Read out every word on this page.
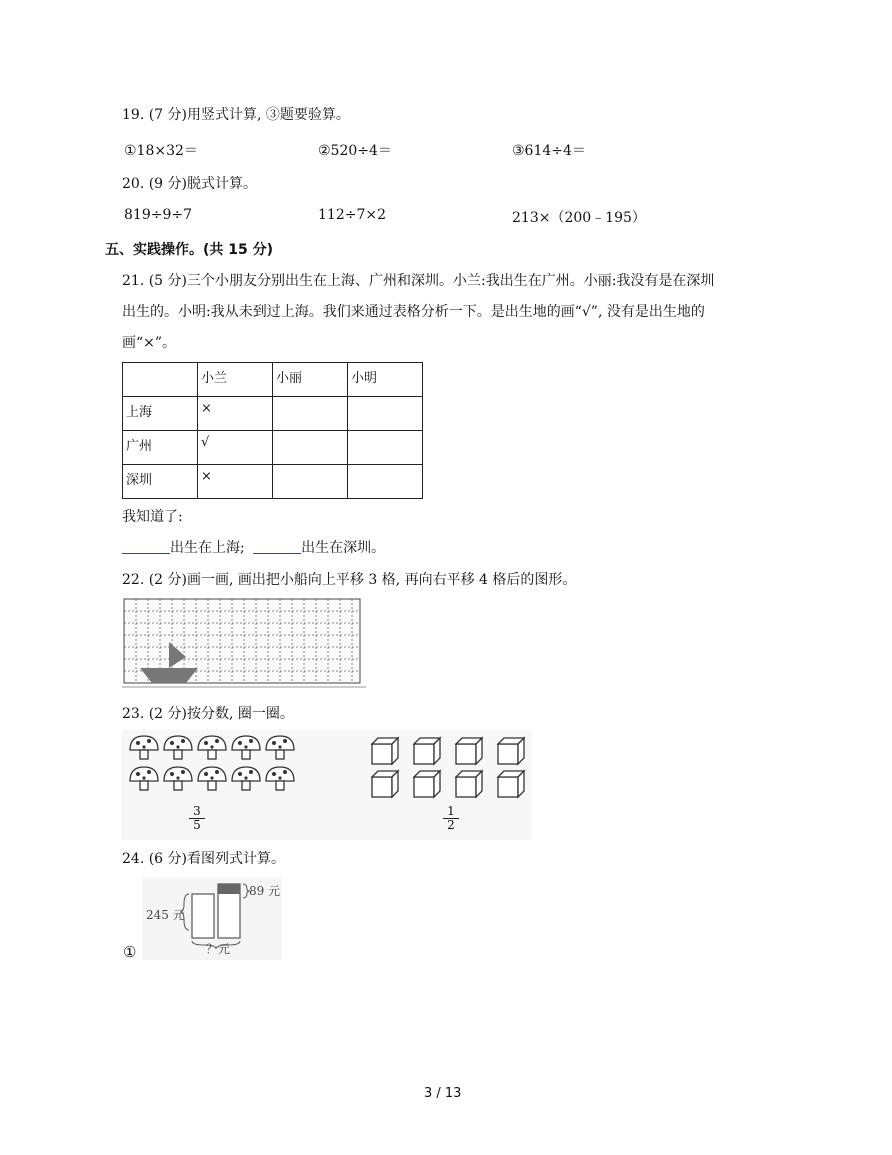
19. (7 分)用竖式计算, ③题要验算。
①18×32＝	②520÷4＝	③614÷4＝
20. (9 分)脱式计算。
819÷9÷7	112÷7×2	213×（200﹣195）
五、实践操作。(共 15 分)
21. (5 分)三个小朋友分别出生在上海、广州和深圳。小兰:我出生在广州。小丽:我没有是在深圳
出生的。小明:我从未到过上海。我们来通过表格分析一下。是出生地的画“√”, 没有是出生地的
画“×”。
	小兰	小丽	小明
上海	×		
广州	√		
深圳	×		
我知道了:
出生在上海;	出生在深圳。
22. (2 分)画一画, 画出把小船向上平移 3 格, 再向右平移 4 格后的图形。
23. (2 分)按分数, 圈一圈。
3
5
1
2
24. (6 分)看图列式计算。
89 元
245 元
？元
①
3 / 13
